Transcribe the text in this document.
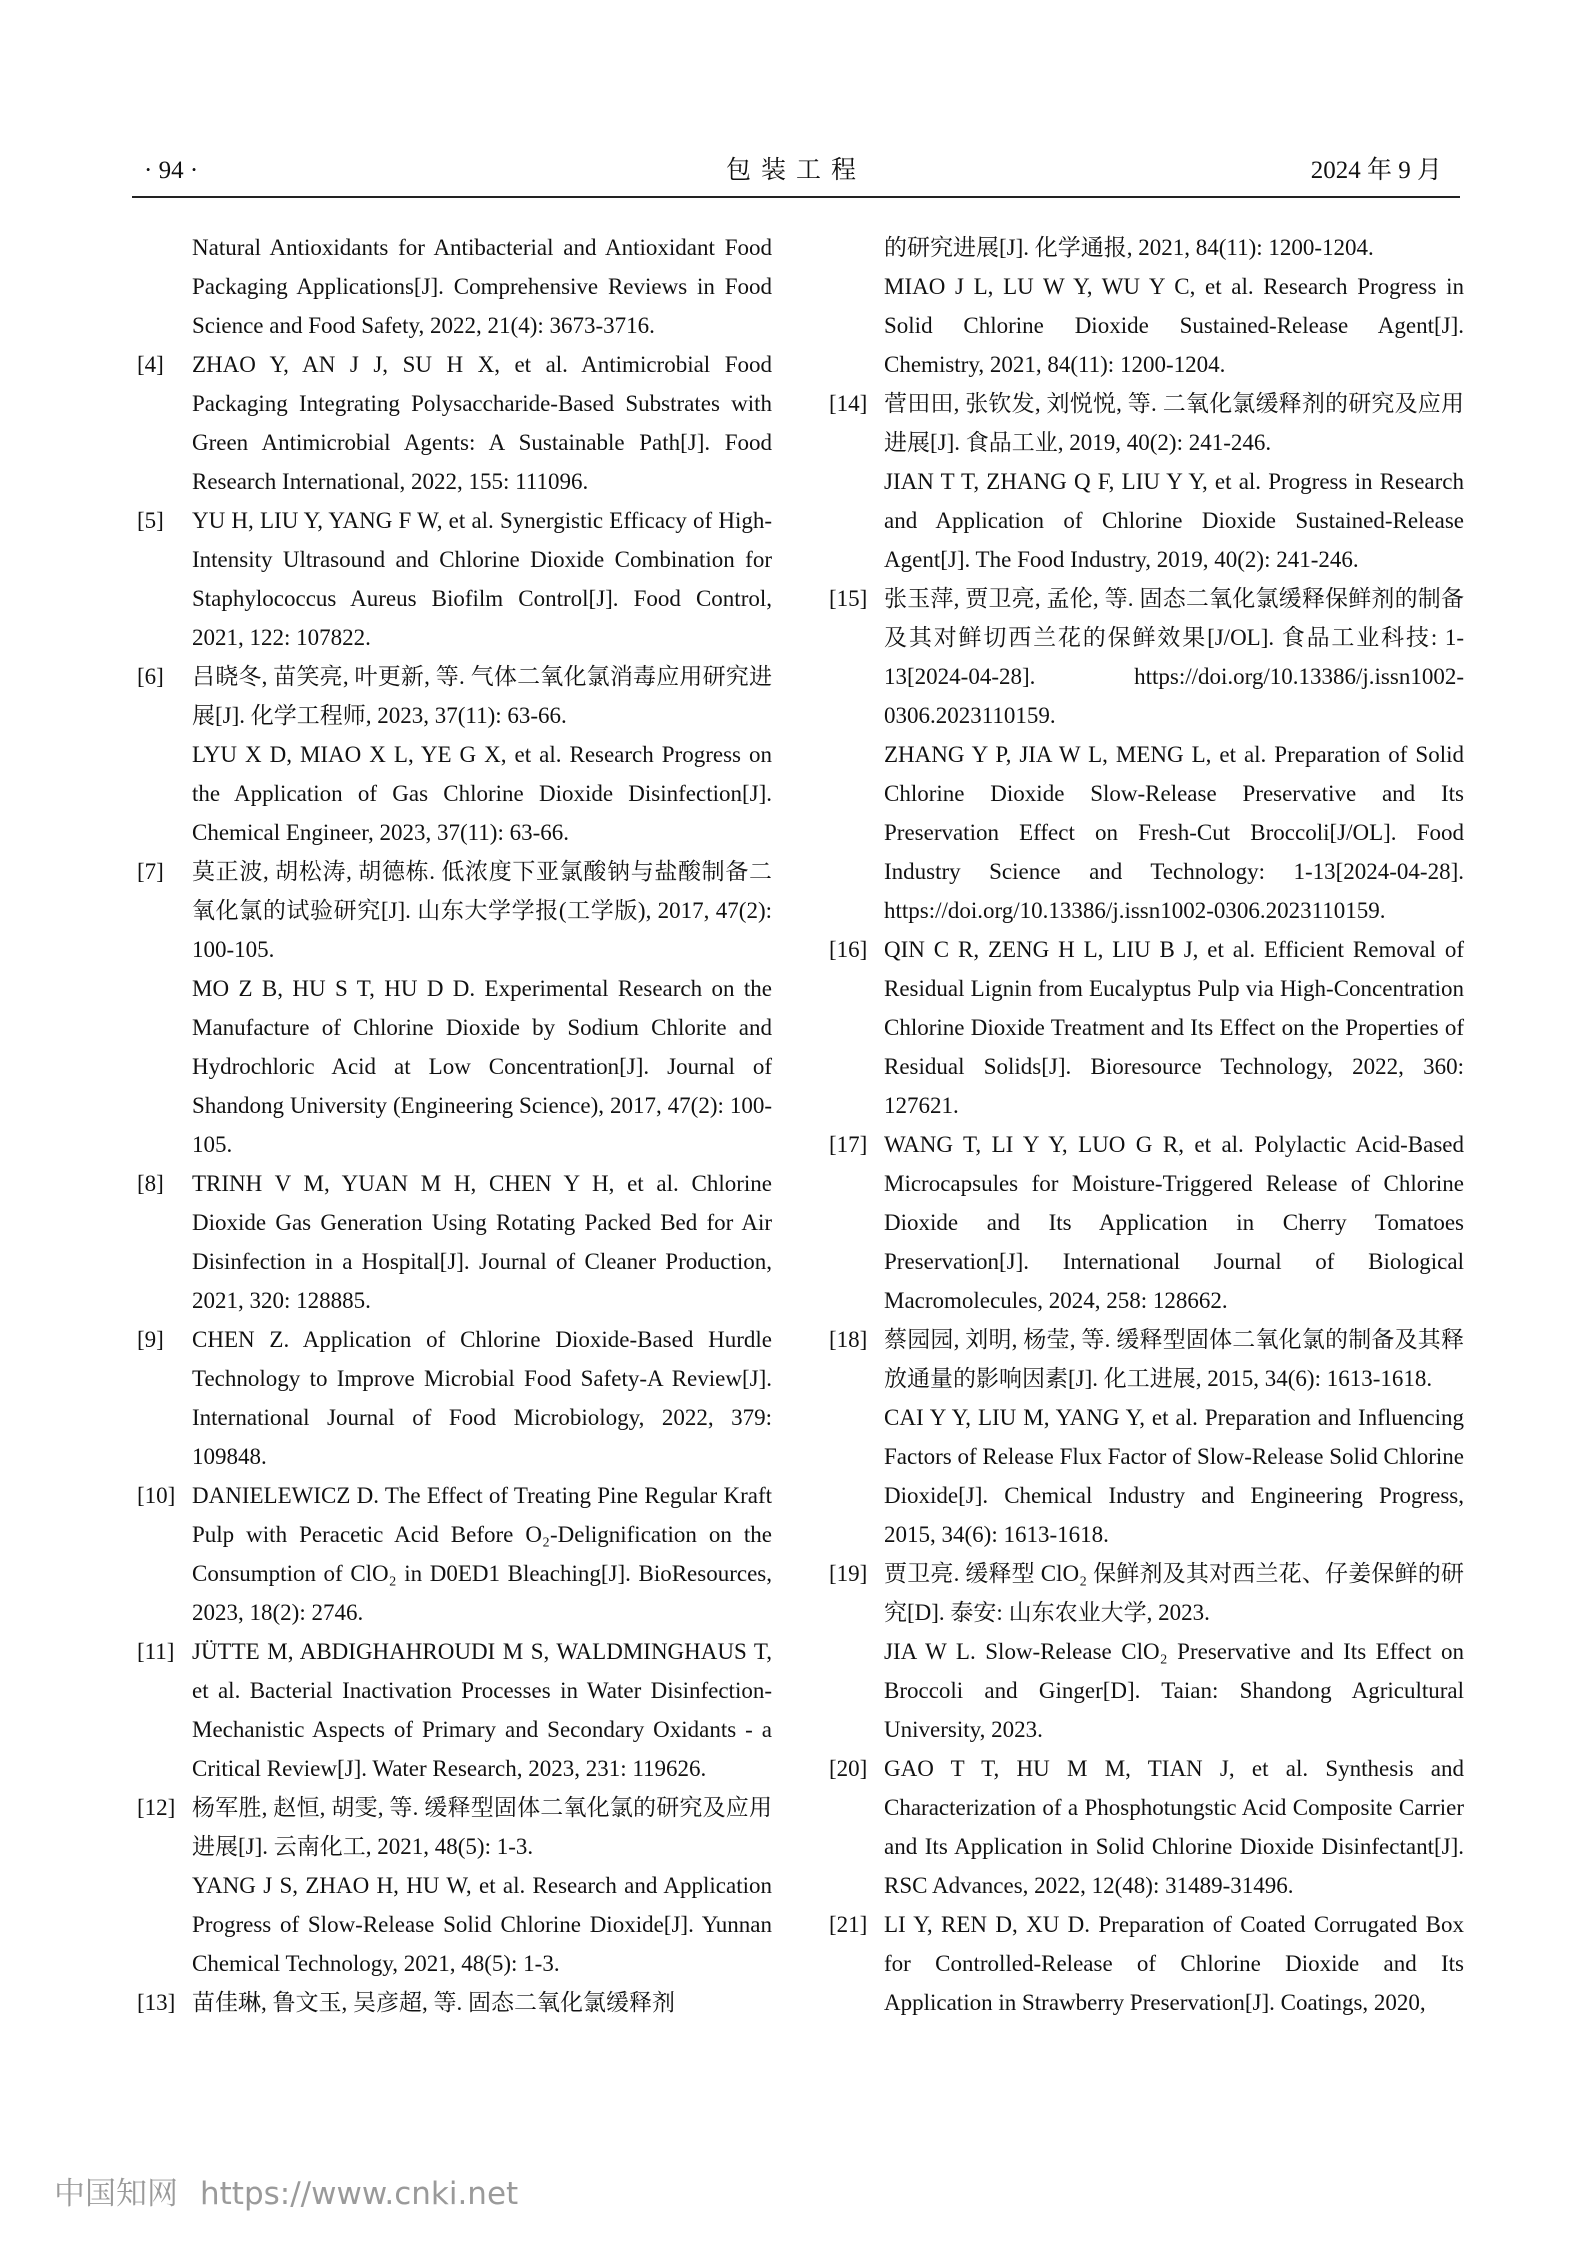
· 94 ·	包装工程	2024 年 9 月

Natural Antioxidants for Antibacterial and Antioxidant Food Packaging Applications[J]. Comprehensive Reviews in Food Science and Food Safety, 2022, 21(4): 3673-3716.

[4] ZHAO Y, AN J J, SU H X, et al. Antimicrobial Food Packaging Integrating Polysaccharide-Based Substrates with Green Antimicrobial Agents: A Sustainable Path[J]. Food Research International, 2022, 155: 111096.

[5] YU H, LIU Y, YANG F W, et al. Synergistic Efficacy of High-Intensity Ultrasound and Chlorine Dioxide Combination for Staphylococcus Aureus Biofilm Control[J]. Food Control, 2021, 122: 107822.

[6] 吕晓冬, 苗笑亮, 叶更新, 等. 气体二氧化氯消毒应用研究进展[J]. 化学工程师, 2023, 37(11): 63-66.

LYU X D, MIAO X L, YE G X, et al. Research Progress on the Application of Gas Chlorine Dioxide Disinfection[J]. Chemical Engineer, 2023, 37(11): 63-66.

[7] 莫正波, 胡松涛, 胡德栋. 低浓度下亚氯酸钠与盐酸制备二氧化氯的试验研究[J]. 山东大学学报(工学版), 2017, 47(2): 100-105.

MO Z B, HU S T, HU D D. Experimental Research on the Manufacture of Chlorine Dioxide by Sodium Chlorite and Hydrochloric Acid at Low Concentration[J]. Journal of Shandong University (Engineering Science), 2017, 47(2): 100-105.

[8] TRINH V M, YUAN M H, CHEN Y H, et al. Chlorine Dioxide Gas Generation Using Rotating Packed Bed for Air Disinfection in a Hospital[J]. Journal of Cleaner Production, 2021, 320: 128885.

[9] CHEN Z. Application of Chlorine Dioxide-Based Hurdle Technology to Improve Microbial Food Safety-A Review[J]. International Journal of Food Microbiology, 2022, 379: 109848.

[10] DANIELEWICZ D. The Effect of Treating Pine Regular Kraft Pulp with Peracetic Acid Before O₂-Delignification on the Consumption of ClO₂ in D0ED1 Bleaching[J]. BioResources, 2023, 18(2): 2746.

[11] JÜTTE M, ABDIGHAHROUDI M S, WALDMINGHAUS T, et al. Bacterial Inactivation Processes in Water Disinfection-Mechanistic Aspects of Primary and Secondary Oxidants - a Critical Review[J]. Water Research, 2023, 231: 119626.

[12] 杨军胜, 赵恒, 胡雯, 等. 缓释型固体二氧化氯的研究及应用进展[J]. 云南化工, 2021, 48(5): 1-3.

YANG J S, ZHAO H, HU W, et al. Research and Application Progress of Slow-Release Solid Chlorine Dioxide[J]. Yunnan Chemical Technology, 2021, 48(5): 1-3.

[13] 苗佳琳, 鲁文玉, 吴彦超, 等. 固态二氧化氯缓释剂

的研究进展[J]. 化学通报, 2021, 84(11): 1200-1204.

MIAO J L, LU W Y, WU Y C, et al. Research Progress in Solid Chlorine Dioxide Sustained-Release Agent[J]. Chemistry, 2021, 84(11): 1200-1204.

[14] 菅田田, 张钦发, 刘悦悦, 等. 二氧化氯缓释剂的研究及应用进展[J]. 食品工业, 2019, 40(2): 241-246.

JIAN T T, ZHANG Q F, LIU Y Y, et al. Progress in Research and Application of Chlorine Dioxide Sustained-Release Agent[J]. The Food Industry, 2019, 40(2): 241-246.

[15] 张玉萍, 贾卫亮, 孟伦, 等. 固态二氧化氯缓释保鲜剂的制备及其对鲜切西兰花的保鲜效果[J/OL]. 食品工业科技: 1-13[2024-04-28]. https://doi.org/10.13386/j.issn1002- 0306.2023110159.

ZHANG Y P, JIA W L, MENG L, et al. Preparation of Solid Chlorine Dioxide Slow-Release Preservative and Its Preservation Effect on Fresh-Cut Broccoli[J/OL]. Food Industry Science and Technology: 1-13[2024-04-28]. https://doi.org/10.13386/j.issn1002-0306.2023110159.

[16] QIN C R, ZENG H L, LIU B J, et al. Efficient Removal of Residual Lignin from Eucalyptus Pulp via High-Concentration Chlorine Dioxide Treatment and Its Effect on the Properties of Residual Solids[J]. Bioresource Technology, 2022, 360: 127621.

[17] WANG T, LI Y Y, LUO G R, et al. Polylactic Acid-Based Microcapsules for Moisture-Triggered Release of Chlorine Dioxide and Its Application in Cherry Tomatoes Preservation[J]. International Journal of Biological Macromolecules, 2024, 258: 128662.

[18] 蔡园园, 刘明, 杨莹, 等. 缓释型固体二氧化氯的制备及其释放通量的影响因素[J]. 化工进展, 2015, 34(6): 1613-1618.

CAI Y Y, LIU M, YANG Y, et al. Preparation and Influencing Factors of Release Flux Factor of Slow-Release Solid Chlorine Dioxide[J]. Chemical Industry and Engineering Progress, 2015, 34(6): 1613-1618.

[19] 贾卫亮. 缓释型 ClO₂ 保鲜剂及其对西兰花、仔姜保鲜的研究[D]. 泰安: 山东农业大学, 2023.

JIA W L. Slow-Release ClO₂ Preservative and Its Effect on Broccoli and Ginger[D]. Taian: Shandong Agricultural University, 2023.

[20] GAO T T, HU M M, TIAN J, et al. Synthesis and Characterization of a Phosphotungstic Acid Composite Carrier and Its Application in Solid Chlorine Dioxide Disinfectant[J]. RSC Advances, 2022, 12(48): 31489-31496.

[21] LI Y, REN D, XU D. Preparation of Coated Corrugated Box for Controlled-Release of Chlorine Dioxide and Its Application in Strawberry Preservation[J]. Coatings, 2020,

中国知网 https://www.cnki.net
